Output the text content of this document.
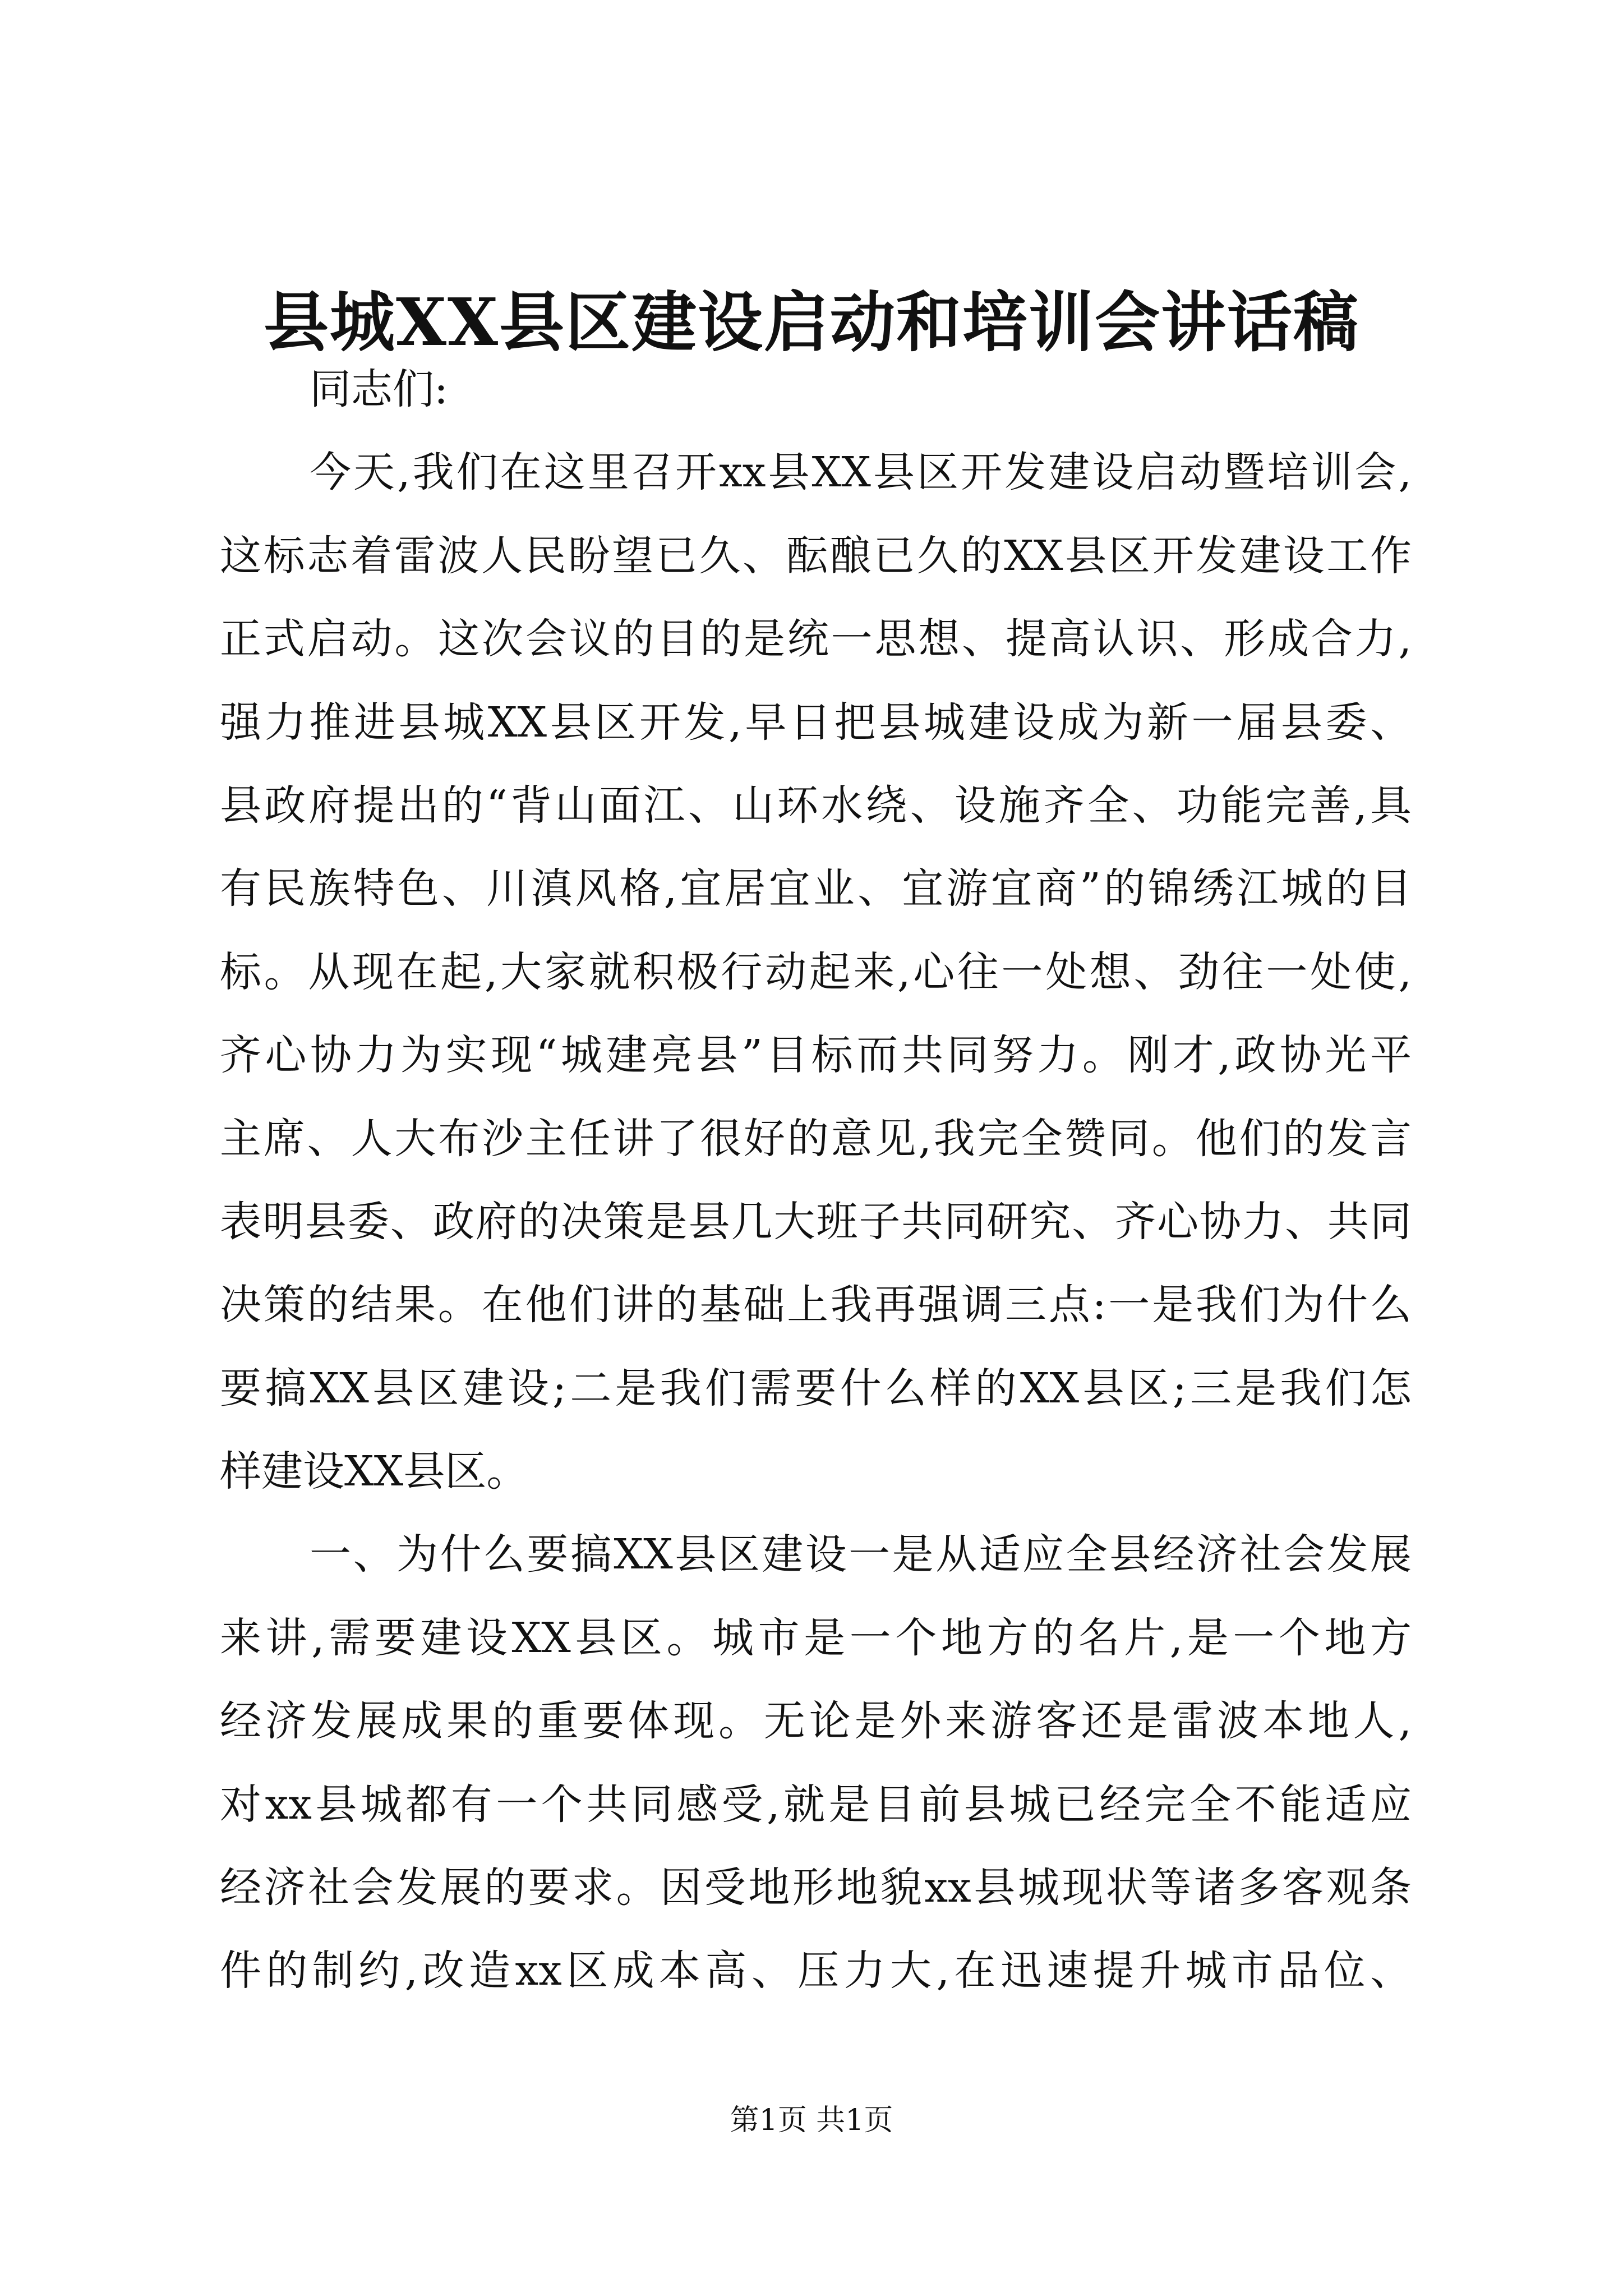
县城XX县区建设启动和培训会讲话稿
同志们:
今天,我们在这里召开xx县XX县区开发建设启动暨培训会,
这标志着雷波人民盼望已久、酝酿已久的XX县区开发建设工作
正式启动。这次会议的目的是统一思想、提高认识、形成合力,
强力推进县城XX县区开发,早日把县城建设成为新一届县委、
县政府提出的“背山面江、山环水绕、设施齐全、功能完善,具
有民族特色、川滇风格,宜居宜业、宜游宜商”的锦绣江城的目
标。从现在起,大家就积极行动起来,心往一处想、劲往一处使,
齐心协力为实现“城建亮县”目标而共同努力。刚才,政协光平
主席、人大布沙主任讲了很好的意见,我完全赞同。他们的发言
表明县委、政府的决策是县几大班子共同研究、齐心协力、共同
决策的结果。在他们讲的基础上我再强调三点:一是我们为什么
要搞XX县区建设;二是我们需要什么样的XX县区;三是我们怎
样建设XX县区。
一、为什么要搞XX县区建设一是从适应全县经济社会发展
来讲,需要建设XX县区。城市是一个地方的名片,是一个地方
经济发展成果的重要体现。无论是外来游客还是雷波本地人,
对xx县城都有一个共同感受,就是目前县城已经完全不能适应
经济社会发展的要求。因受地形地貌xx县城现状等诸多客观条
件的制约,改造xx区成本高、压力大,在迅速提升城市品位、
第1页 共1页
